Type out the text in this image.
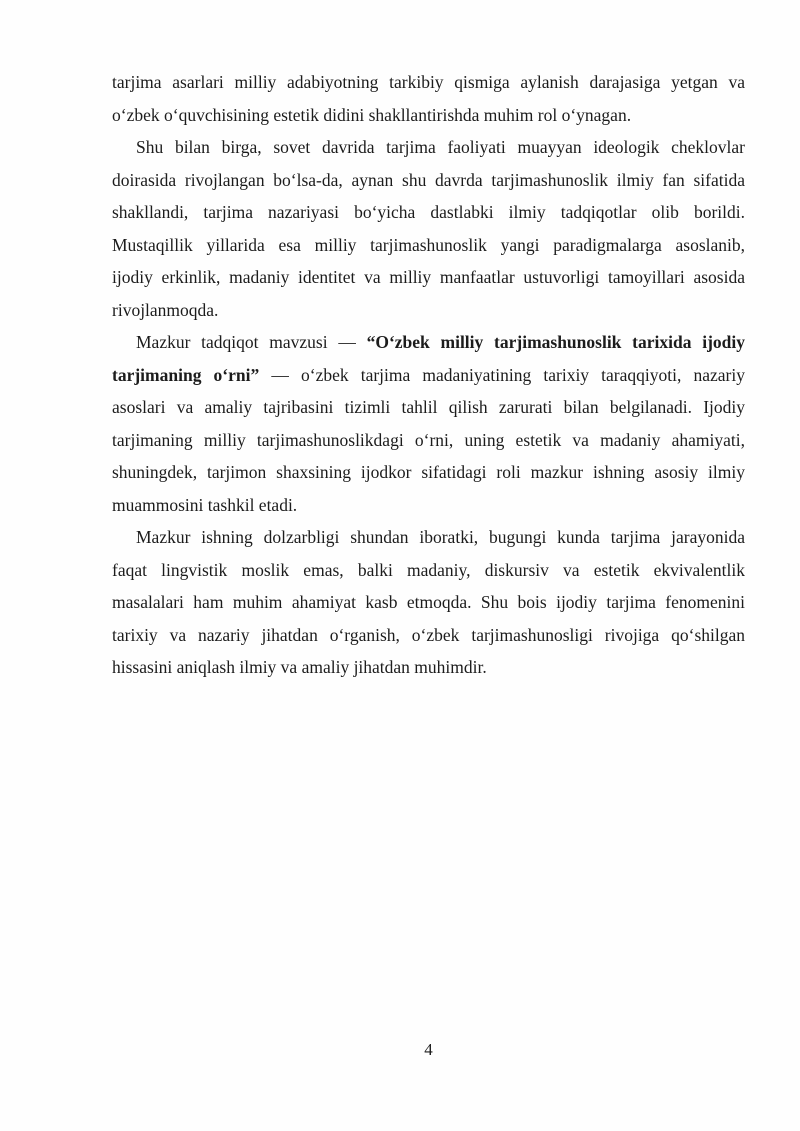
tarjima asarlari milliy adabiyotning tarkibiy qismiga aylanish darajasiga yetgan va
o‘zbek o‘quvchisining estetik didini shakllantirishda muhim rol o‘ynagan.
Shu bilan birga, sovet davrida tarjima faoliyati muayyan ideologik cheklovlar
doirasida rivojlangan bo‘lsa-da, aynan shu davrda tarjimashunoslik ilmiy fan sifatida
shakllandi, tarjima nazariyasi bo‘yicha dastlabki ilmiy tadqiqotlar olib borildi.
Mustaqillik yillarida esa milliy tarjimashunoslik yangi paradigmalarga asoslanib,
ijodiy erkinlik, madaniy identitet va milliy manfaatlar ustuvorligi tamoyillari asosida
rivojlanmoqda.
Mazkur tadqiqot mavzusi — “O‘zbek milliy tarjimashunoslik tarixida ijodiy
tarjimaning o‘rni” — o‘zbek tarjima madaniyatining tarixiy taraqqiyoti, nazariy
asoslari va amaliy tajribasini tizimli tahlil qilish zarurati bilan belgilanadi. Ijodiy
tarjimaning milliy tarjimashunoslikdagi o‘rni, uning estetik va madaniy ahamiyati,
shuningdek, tarjimon shaxsining ijodkor sifatidagi roli mazkur ishning asosiy ilmiy
muammosini tashkil etadi.
Mazkur ishning dolzarbligi shundan iboratki, bugungi kunda tarjima jarayonida
faqat lingvistik moslik emas, balki madaniy, diskursiv va estetik ekvivalentlik
masalalari ham muhim ahamiyat kasb etmoqda. Shu bois ijodiy tarjima fenomenini
tarixiy va nazariy jihatdan o‘rganish, o‘zbek tarjimashunosligi rivojiga qo‘shilgan
hissasini aniqlash ilmiy va amaliy jihatdan muhimdir.
4
